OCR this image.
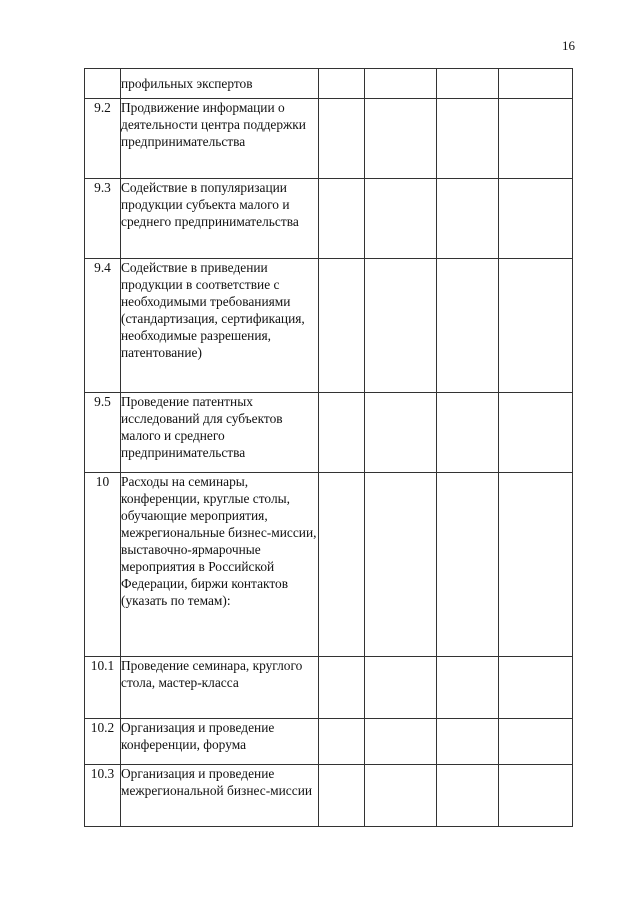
16
	профильных экспертов				
9.2	Продвижение информации о деятельности центра поддержки предпринимательства				
9.3	Содействие в популяризации продукции субъекта малого и среднего предпринимательства				
9.4	Содействие в приведении продукции в соответствие с необходимыми требованиями (стандартизация, сертификация, необходимые разрешения, патентование)				
9.5	Проведение патентных исследований для субъектов малого и среднего предпринимательства				
10	Расходы на семинары, конференции, круглые столы, обучающие мероприятия, межрегиональные бизнес-миссии, выставочно-ярмарочные мероприятия в Российской Федерации, биржи контактов (указать по темам):				
10.1	Проведение семинара, круглого стола, мастер-класса				
10.2	Организация и проведение конференции, форума				
10.3	Организация и проведение межрегиональной бизнес-миссии				
